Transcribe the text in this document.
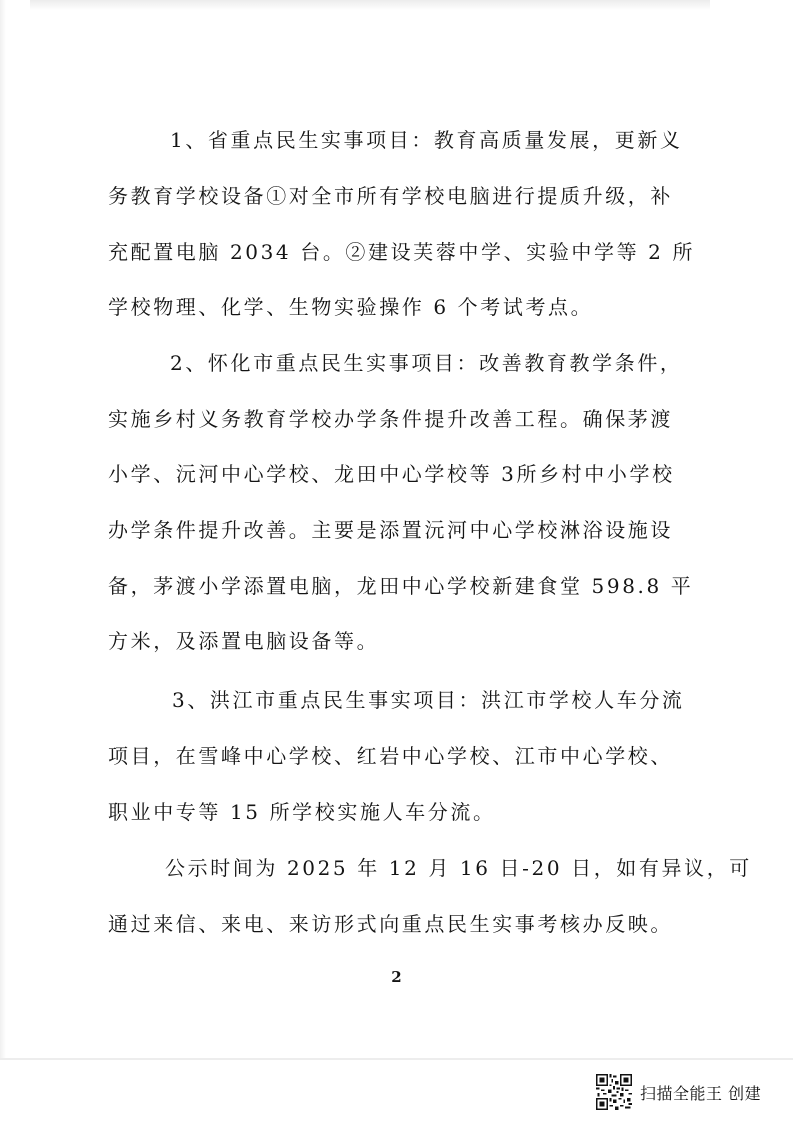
1、省重点民生实事项目：教育高质量发展，更新义
务教育学校设备①对全市所有学校电脑进行提质升级，补
充配置电脑 2034 台。②建设芙蓉中学、实验中学等 2 所
学校物理、化学、生物实验操作 6 个考试考点。
2、怀化市重点民生实事项目：改善教育教学条件，
实施乡村义务教育学校办学条件提升改善工程。确保茅渡
小学、沅河中心学校、龙田中心学校等 3所乡村中小学校
办学条件提升改善。主要是添置沅河中心学校淋浴设施设
备，茅渡小学添置电脑，龙田中心学校新建食堂 598.8 平
方米，及添置电脑设备等。
3、洪江市重点民生事实项目：洪江市学校人车分流
项目，在雪峰中心学校、红岩中心学校、江市中心学校、
职业中专等 15 所学校实施人车分流。
公示时间为 2025 年 12 月 16 日-20 日，如有异议，可
通过来信、来电、来访形式向重点民生实事考核办反映。
2
扫描全能王 创建
